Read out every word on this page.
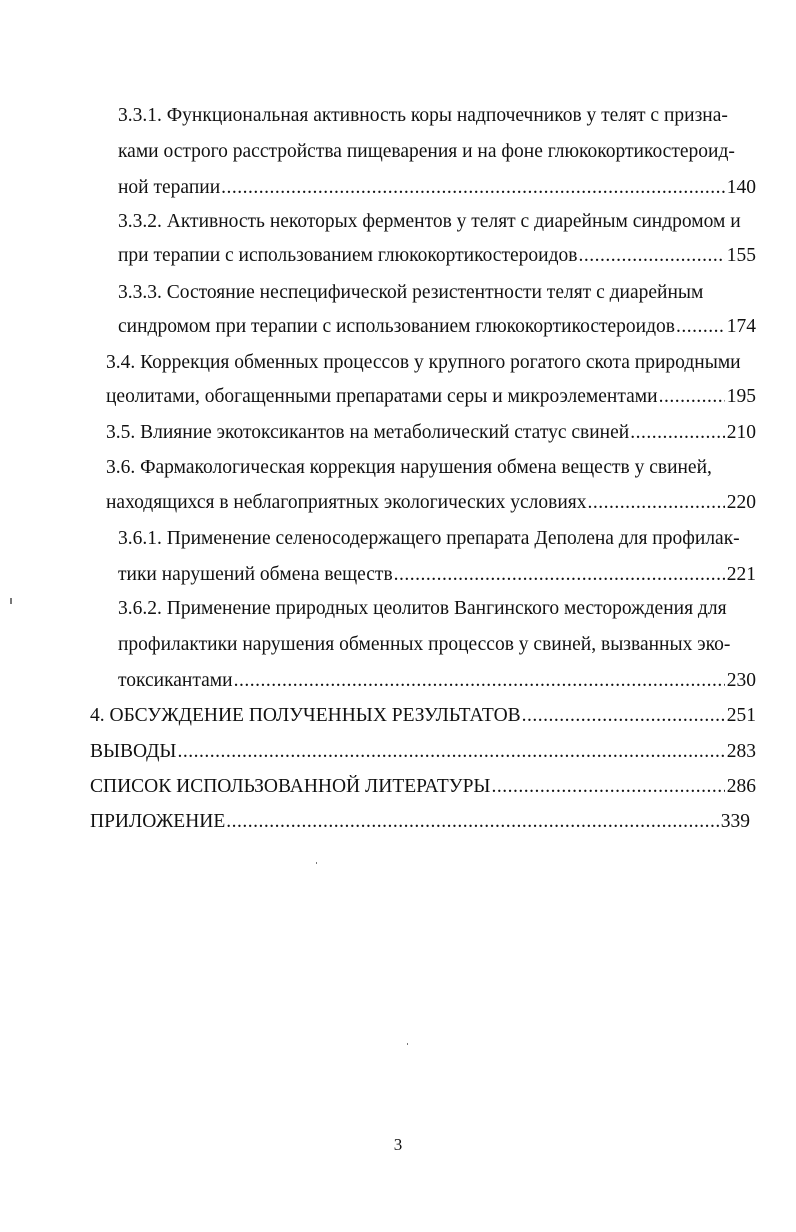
3.3.1. Функциональная активность коры надпочечников у телят с призна-
ками острого расстройства пищеварения и на фоне глюкокортикостероид-
ной терапии .....	140
3.3.2. Активность некоторых ферментов у телят с диарейным синдромом и
при терапии с использованием глюкокортикостероидов .....	155
3.3.3. Состояние неспецифической резистентности телят с диарейным
синдромом при терапии с использованием глюкокортикостероидов .....	174
3.4. Коррекция обменных процессов у крупного рогатого скота природными
цеолитами, обогащенными препаратами серы и микроэлементами .....	195
3.5. Влияние экотоксикантов на метаболический статус свиней .....	210
3.6. Фармакологическая коррекция нарушения обмена веществ у свиней,
находящихся в неблагоприятных экологических условиях .....	220
3.6.1. Применение селеносодержащего препарата Деполена для профилак-
тики нарушений обмена веществ .....	221
3.6.2. Применение природных цеолитов Вангинского месторождения для
профилактики нарушения обменных процессов у свиней, вызванных эко-
токсикантами .....	230
4. ОБСУЖДЕНИЕ ПОЛУЧЕННЫХ РЕЗУЛЬТАТОВ .....	251
ВЫВОДЫ .....	283
СПИСОК ИСПОЛЬЗОВАННОЙ ЛИТЕРАТУРЫ .....	286
ПРИЛОЖЕНИЕ .....	339
3
